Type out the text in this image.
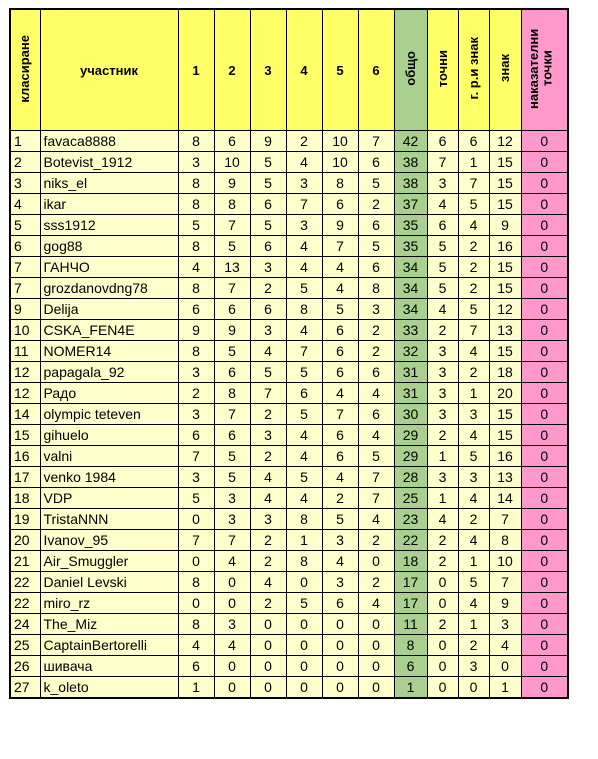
класиране	участник	1	2	3	4	5	6	общо	точни	г. р.и знак	знак	наказателни точки
1	favaca8888	8	6	9	2	10	7	42	6	6	12	0
2	Botevist_1912	3	10	5	4	10	6	38	7	1	15	0
3	niks_el	8	9	5	3	8	5	38	3	7	15	0
4	ikar	8	8	6	7	6	2	37	4	5	15	0
5	sss1912	5	7	5	3	9	6	35	6	4	9	0
6	gog88	8	5	6	4	7	5	35	5	2	16	0
7	ГАНЧО	4	13	3	4	4	6	34	5	2	15	0
7	grozdanovdng78	8	7	2	5	4	8	34	5	2	15	0
9	Delija	6	6	6	8	5	3	34	4	5	12	0
10	CSKA_FEN4E	9	9	3	4	6	2	33	2	7	13	0
11	NOMER14	8	5	4	7	6	2	32	3	4	15	0
12	papagala_92	3	6	5	5	6	6	31	3	2	18	0
12	Радо	2	8	7	6	4	4	31	3	1	20	0
14	olympic teteven	3	7	2	5	7	6	30	3	3	15	0
15	gihuelo	6	6	3	4	6	4	29	2	4	15	0
16	valni	7	5	2	4	6	5	29	1	5	16	0
17	venko 1984	3	5	4	5	4	7	28	3	3	13	0
18	VDP	5	3	4	4	2	7	25	1	4	14	0
19	TristaNNN	0	3	3	8	5	4	23	4	2	7	0
20	Ivanov_95	7	7	2	1	3	2	22	2	4	8	0
21	Air_Smuggler	0	4	2	8	4	0	18	2	1	10	0
22	Daniel Levski	8	0	4	0	3	2	17	0	5	7	0
22	miro_rz	0	0	2	5	6	4	17	0	4	9	0
24	The_Miz	8	3	0	0	0	0	11	2	1	3	0
25	CaptainBertorelli	4	4	0	0	0	0	8	0	2	4	0
26	шивача	6	0	0	0	0	0	6	0	3	0	0
27	k_oleto	1	0	0	0	0	0	1	0	0	1	0
